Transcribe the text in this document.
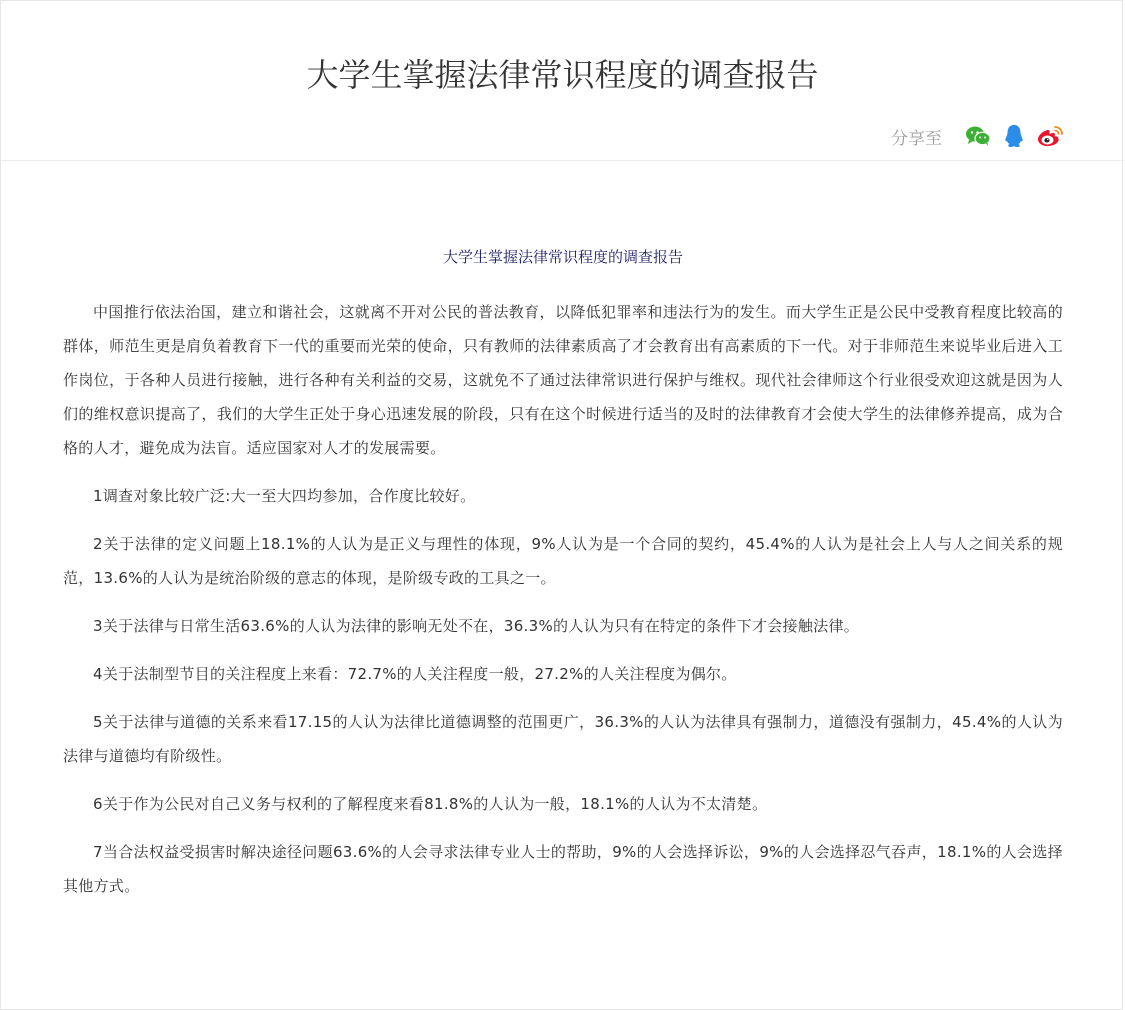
大学生掌握法律常识程度的调查报告
分享至
大学生掌握法律常识程度的调查报告

中国推行依法治国，建立和谐社会，这就离不开对公民的普法教育，以降低犯罪率和违法行为的发生。而大学生正是公民中受教育程度比较高的群体，师范生更是肩负着教育下一代的重要而光荣的使命，只有教师的法律素质高了才会教育出有高素质的下一代。对于非师范生来说毕业后进入工作岗位，于各种人员进行接触，进行各种有关利益的交易，这就免不了通过法律常识进行保护与维权。现代社会律师这个行业很受欢迎这就是因为人们的维权意识提高了，我们的大学生正处于身心迅速发展的阶段，只有在这个时候进行适当的及时的法律教育才会使大学生的法律修养提高，成为合格的人才，避免成为法盲。适应国家对人才的发展需要。

1调查对象比较广泛:大一至大四均参加，合作度比较好。

2关于法律的定义问题上18.1%的人认为是正义与理性的体现，9%人认为是一个合同的契约，45.4%的人认为是社会上人与人之间关系的规范，13.6%的人认为是统治阶级的意志的体现，是阶级专政的工具之一。

3关于法律与日常生活63.6%的人认为法律的影响无处不在，36.3%的人认为只有在特定的条件下才会接触法律。

4关于法制型节目的关注程度上来看：72.7%的人关注程度一般，27.2%的人关注程度为偶尔。

5关于法律与道德的关系来看17.15的人认为法律比道德调整的范围更广，36.3%的人认为法律具有强制力，道德没有强制力，45.4%的人认为法律与道德均有阶级性。

6关于作为公民对自己义务与权利的了解程度来看81.8%的人认为一般，18.1%的人认为不太清楚。

7当合法权益受损害时解决途径问题63.6%的人会寻求法律专业人士的帮助，9%的人会选择诉讼，9%的人会选择忍气吞声，18.1%的人会选择其他方式。
